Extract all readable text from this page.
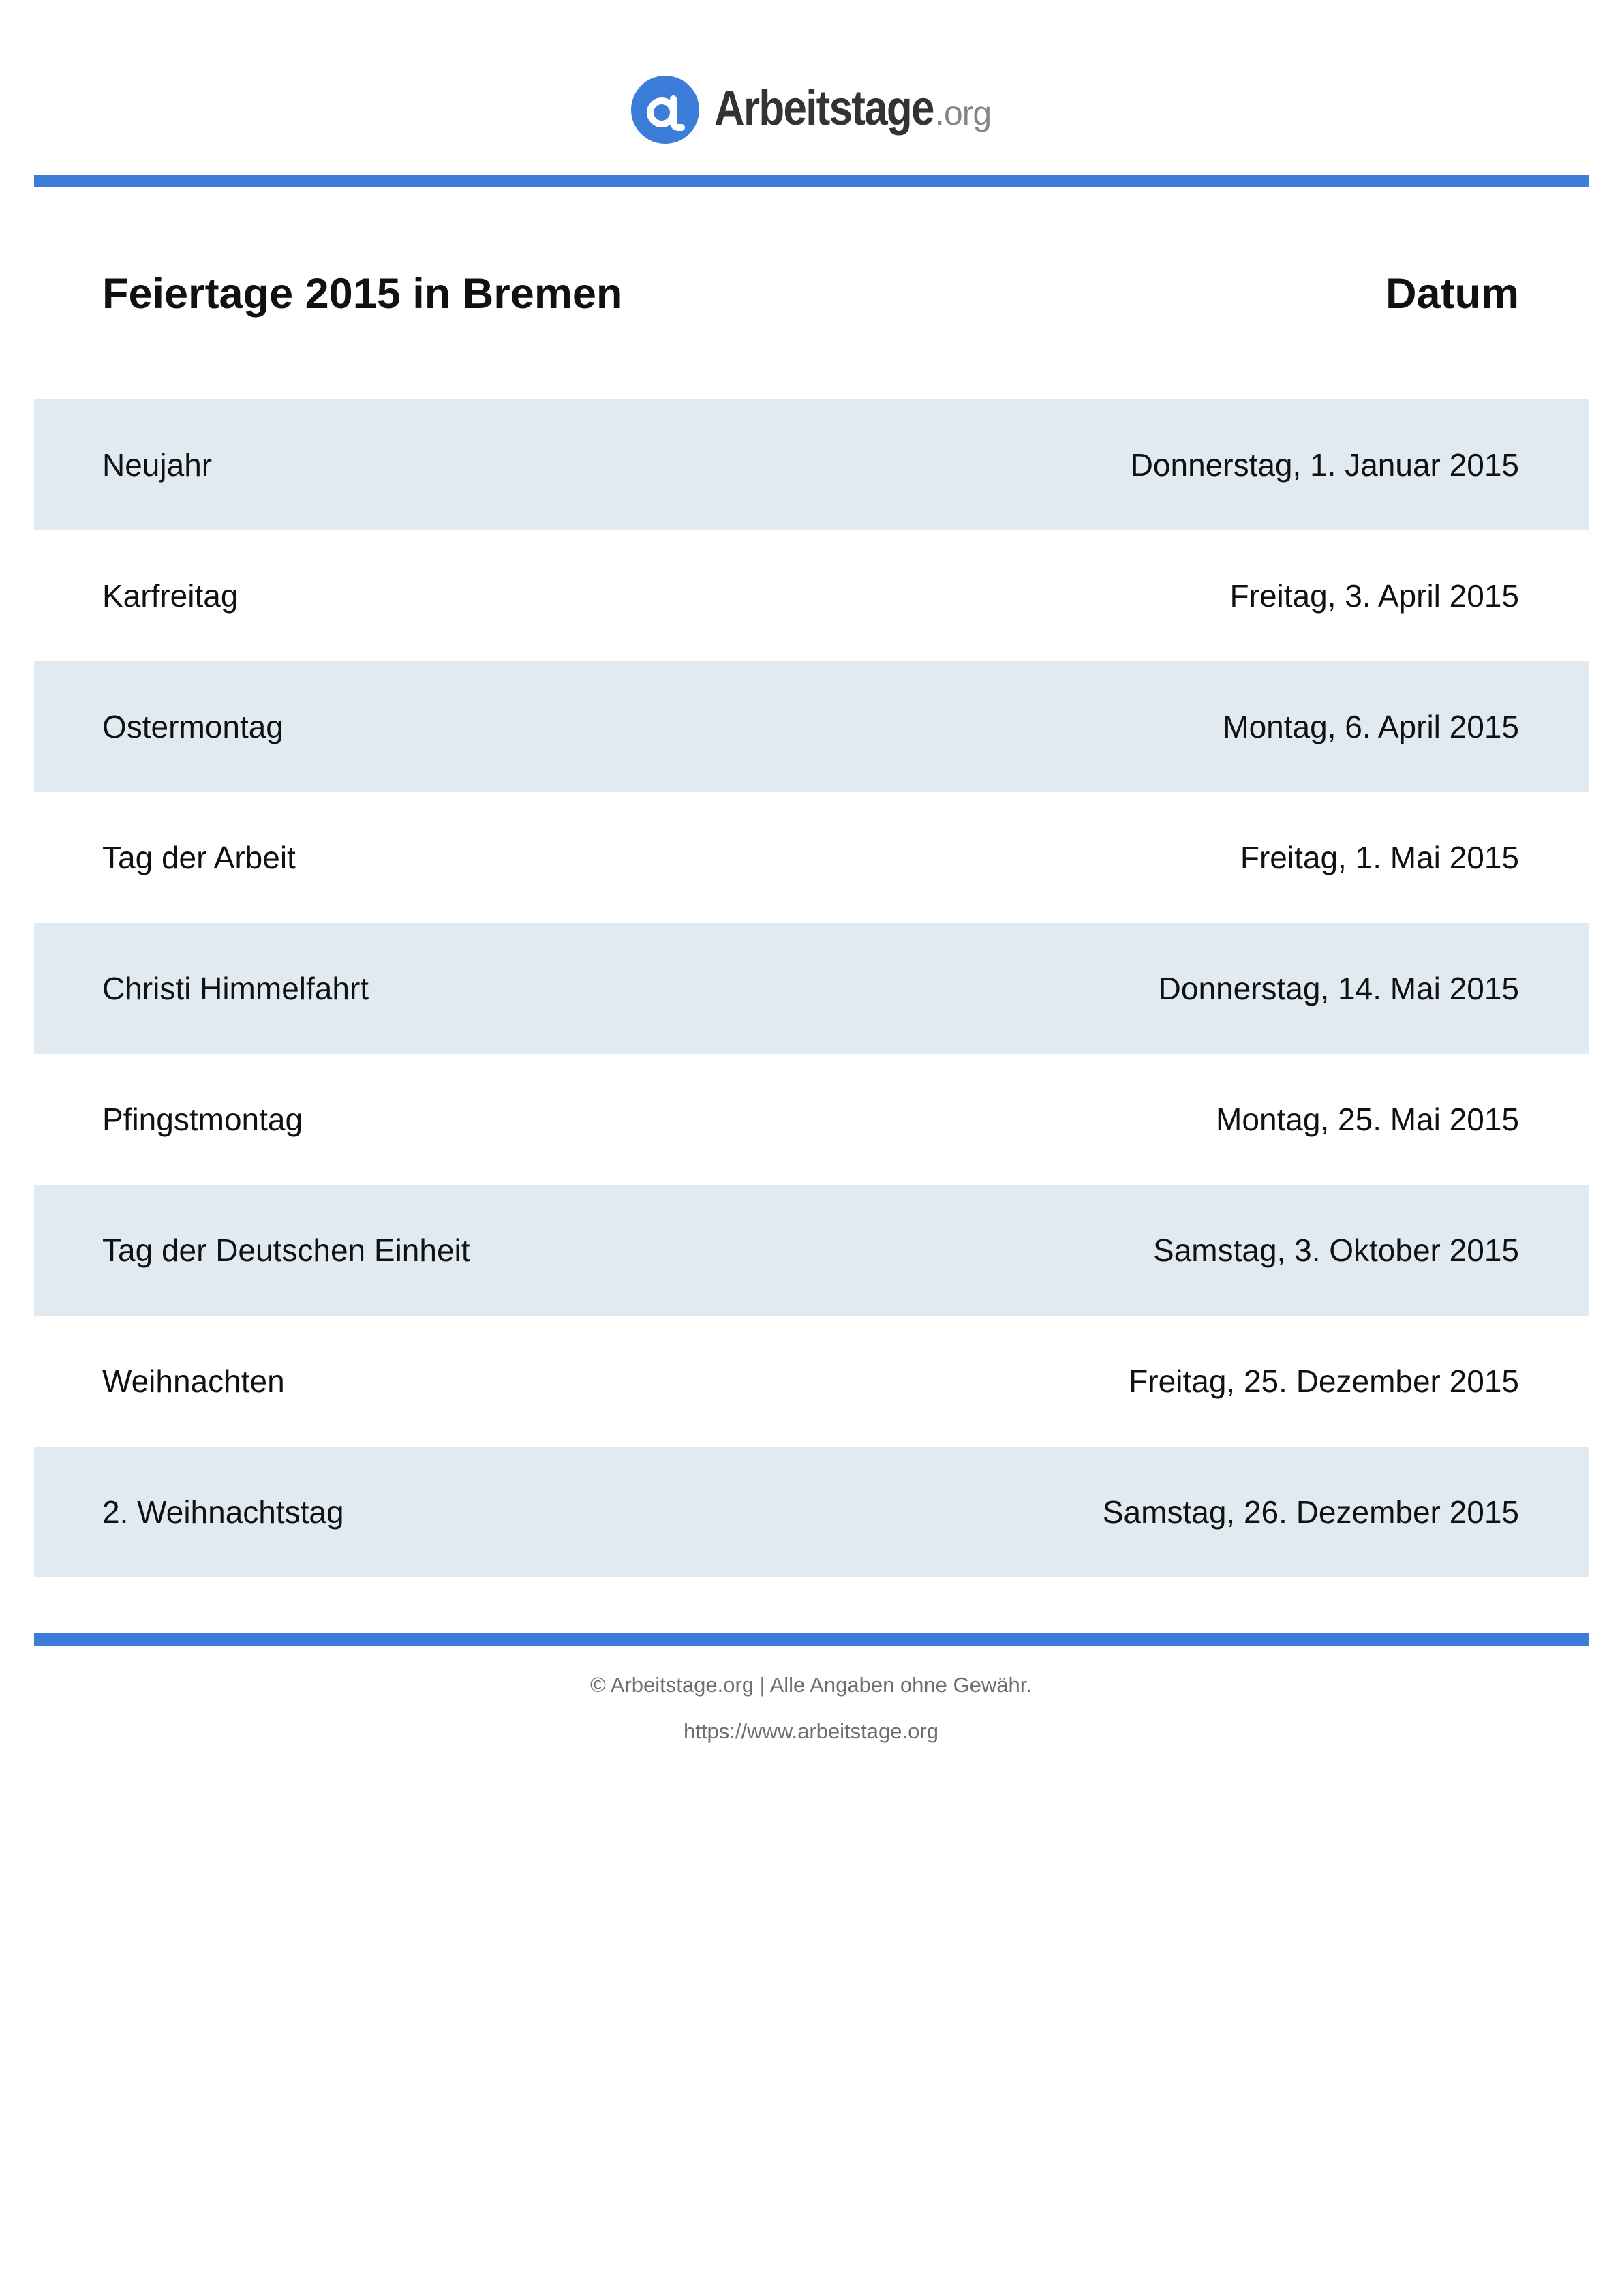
Arbeitstage .org
Feiertage 2015 in Bremen	Datum
Neujahr	Donnerstag, 1. Januar 2015
Karfreitag	Freitag, 3. April 2015
Ostermontag	Montag, 6. April 2015
Tag der Arbeit	Freitag, 1. Mai 2015
Christi Himmelfahrt	Donnerstag, 14. Mai 2015
Pfingstmontag	Montag, 25. Mai 2015
Tag der Deutschen Einheit	Samstag, 3. Oktober 2015
Weihnachten	Freitag, 25. Dezember 2015
2. Weihnachtstag	Samstag, 26. Dezember 2015
© Arbeitstage.org | Alle Angaben ohne Gewähr.
https://www.arbeitstage.org
